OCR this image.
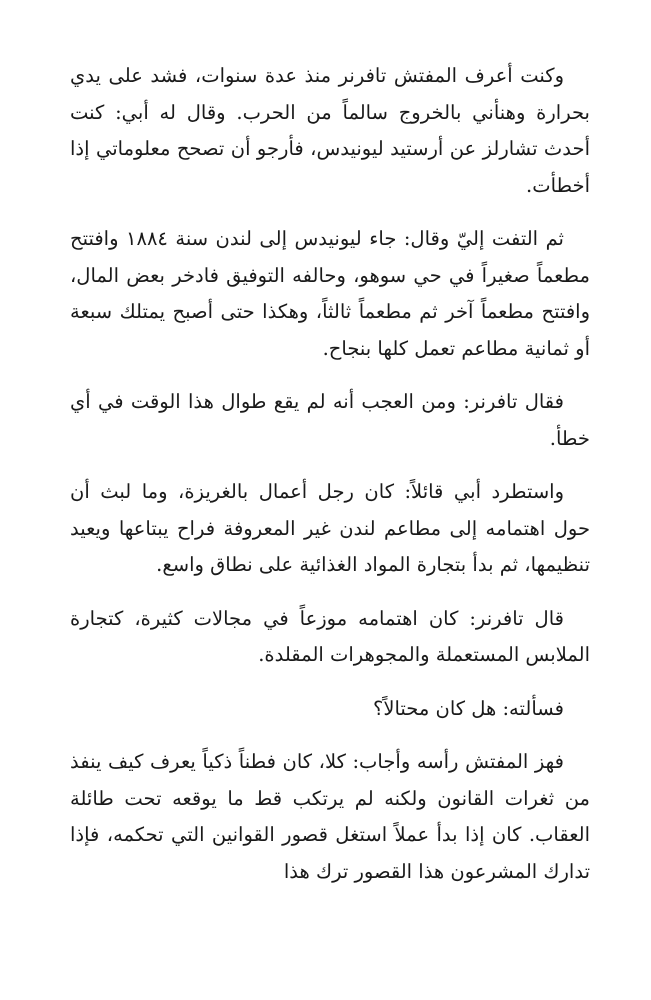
وكنت أعرف المفتش تافرنر منذ عدة سنوات، فشد على يدي بحرارة وهنأني بالخروج سالماً من الحرب. وقال له أبي: كنت أحدث تشارلز عن أرستيد ليونيدس، فأرجو أن تصحح معلوماتي إذا أخطأت.

ثم التفت إليّ وقال: جاء ليونيدس إلى لندن سنة ١٨٨٤ وافتتح مطعماً صغيراً في حي سوهو، وحالفه التوفيق فادخر بعض المال، وافتتح مطعماً آخر ثم مطعماً ثالثاً، وهكذا حتى أصبح يمتلك سبعة أو ثمانية مطاعم تعمل كلها بنجاح.

فقال تافرنر: ومن العجب أنه لم يقع طوال هذا الوقت في أي خطأ.

واستطرد أبي قائلاً: كان رجل أعمال بالغريزة، وما لبث أن حول اهتمامه إلى مطاعم لندن غير المعروفة فراح يبتاعها ويعيد تنظيمها، ثم بدأ بتجارة المواد الغذائية على نطاق واسع.

قال تافرنر: كان اهتمامه موزعاً في مجالات كثيرة، كتجارة الملابس المستعملة والمجوهرات المقلدة.

فسألته: هل كان محتالاً؟

فهز المفتش رأسه وأجاب: كلا، كان فطناً ذكياً يعرف كيف ينفذ من ثغرات القانون ولكنه لم يرتكب قط ما يوقعه تحت طائلة العقاب. كان إذا بدأ عملاً استغل قصور القوانين التي تحكمه، فإذا تدارك المشرعون هذا القصور ترك هذا
